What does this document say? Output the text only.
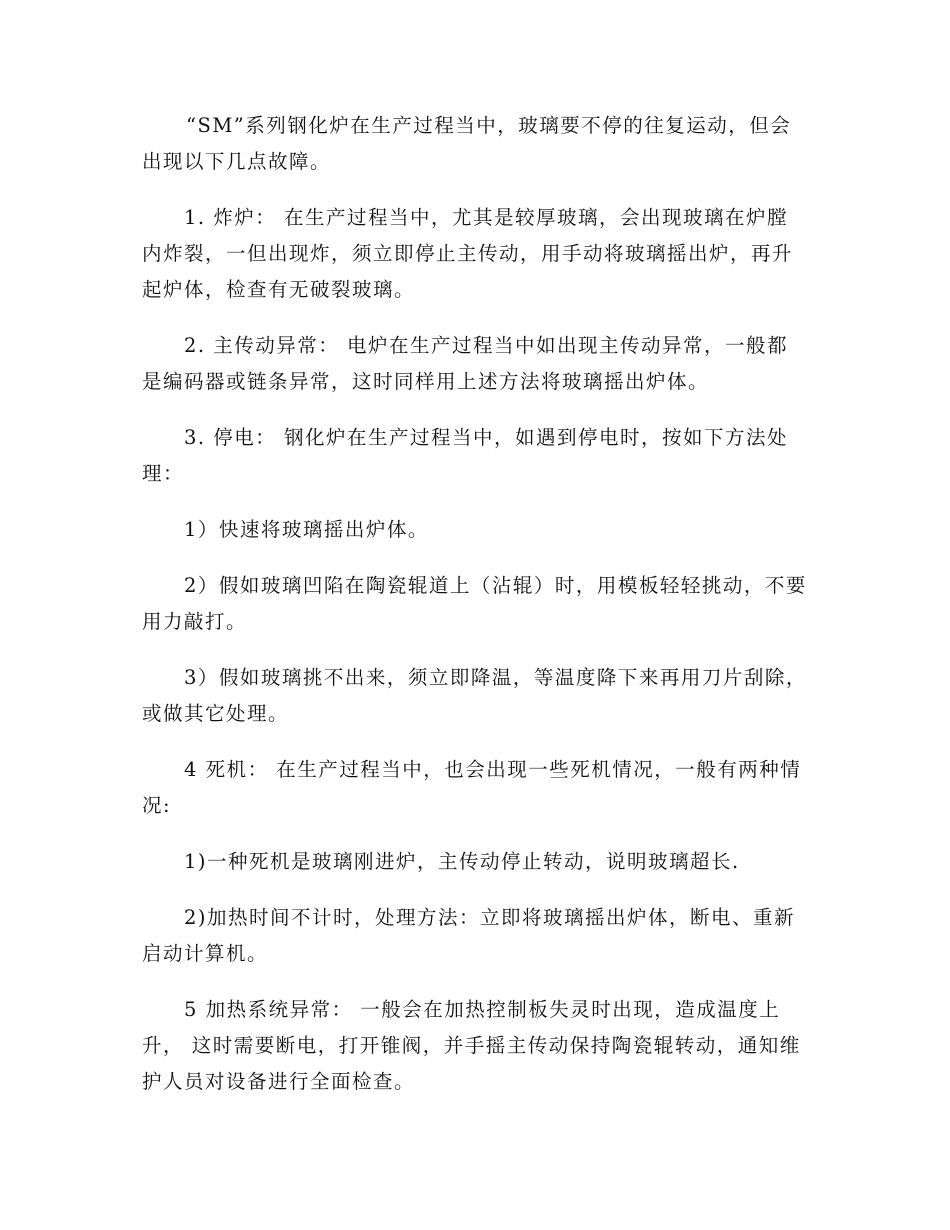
“SM”系列钢化炉在生产过程当中，玻璃要不停的往复运动，但会出现以下几点故障。

1. 炸炉： 在生产过程当中，尤其是较厚玻璃，会出现玻璃在炉膛内炸裂，一但出现炸，须立即停止主传动，用手动将玻璃摇出炉，再升起炉体，检查有无破裂玻璃。

2. 主传动异常： 电炉在生产过程当中如出现主传动异常，一般都是编码器或链条异常，这时同样用上述方法将玻璃摇出炉体。

3. 停电： 钢化炉在生产过程当中，如遇到停电时，按如下方法处理：

1）快速将玻璃摇出炉体。

2）假如玻璃凹陷在陶瓷辊道上（沾辊）时，用模板轻轻挑动，不要用力敲打。

3）假如玻璃挑不出来，须立即降温，等温度降下来再用刀片刮除，或做其它处理。

4 死机： 在生产过程当中，也会出现一些死机情况，一般有两种情况:

1)一种死机是玻璃刚进炉，主传动停止转动，说明玻璃超长.

2)加热时间不计时，处理方法：立即将玻璃摇出炉体，断电、重新启动计算机。

5 加热系统异常： 一般会在加热控制板失灵时出现，造成温度上升， 这时需要断电，打开锥阀，并手摇主传动保持陶瓷辊转动，通知维护人员对设备进行全面检查。
